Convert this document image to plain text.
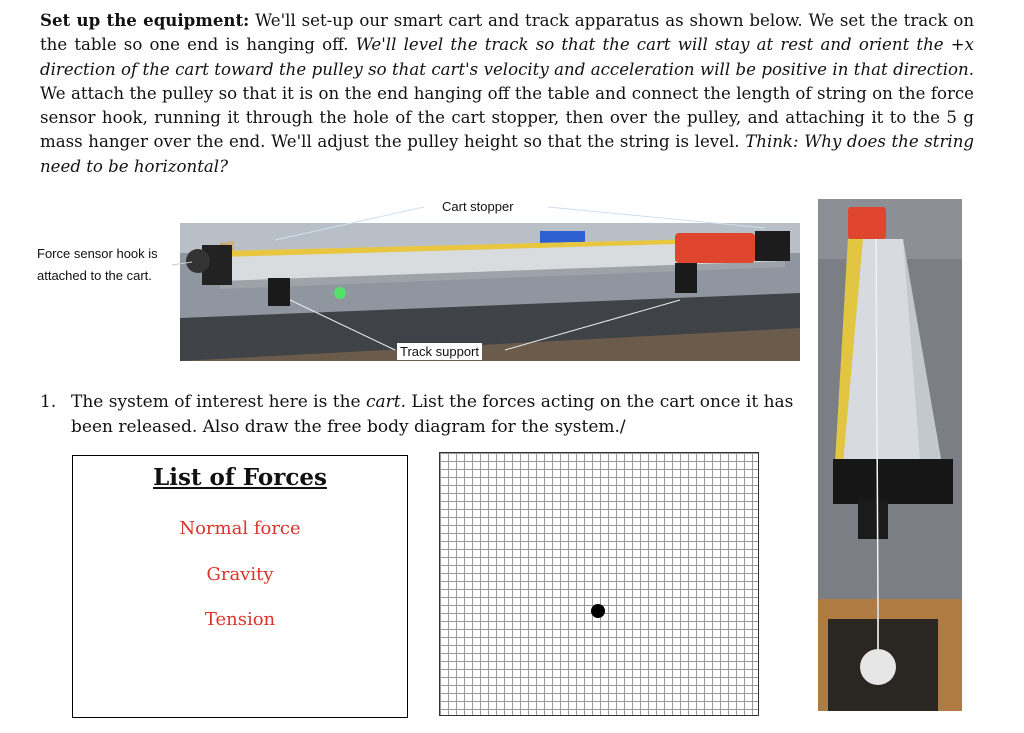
Set up the equipment: We'll set-up our smart cart and track apparatus as shown below. We set the track on the table so one end is hanging off. We'll level the track so that the cart will stay at rest and orient the +x direction of the cart toward the pulley so that cart's velocity and acceleration will be positive in that direction. We attach the pulley so that it is on the end hanging off the table and connect the length of string on the force sensor hook, running it through the hole of the cart stopper, then over the pulley, and attaching it to the 5 g mass hanger over the end. We'll adjust the pulley height so that the string is level. Think: Why does the string need to be horizontal?
Cart stopper
Force sensor hook is
attached to the cart.
Track support
1. The system of interest here is the cart. List the forces acting on the cart once it has been released. Also draw the free body diagram for the system./
List of Forces
Normal force
Gravity
Tension
